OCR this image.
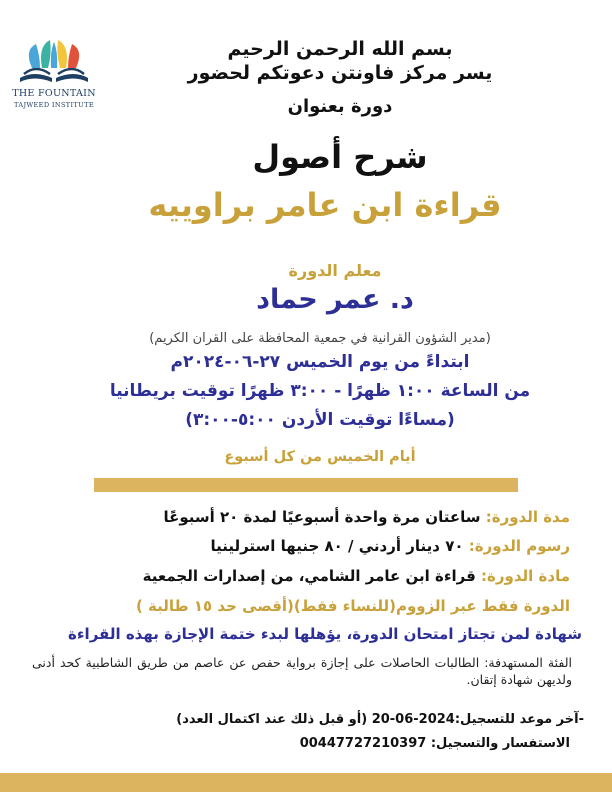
THE FOUNTAIN
TAJWEED INSTITUTE
بسم الله الرحمن الرحيم
يسر مركز فاونتن دعوتكم لحضور
دورة بعنوان
شرح أصول
قراءة ابن عامر براوييه
معلم الدورة
د. عمر حماد
(مدير الشؤون القرانية في جمعية المحافظة على القران الكريم)
ابتداءً من يوم الخميس ٢٧-٠٦-٢٠٢٤م
من الساعة ١:٠٠ ظهرًا - ٣:٠٠ ظهرًا توقيت بريطانيا
(مساءًا توقيت الأردن ٥:٠٠-٣:٠٠)
أيام الخميس من كل أسبوع
مدة الدورة: ساعتان مرة واحدة أسبوعيًا لمدة ٢٠ أسبوعًا
رسوم الدورة: ٧٠ دينار أردني / ٨٠ جنيها استرلينيا
مادة الدورة: قراءة ابن عامر الشامي، من إصدارات الجمعية
الدورة فقط عبر الزووم(للنساء فقط)(أقصى حد ١٥ طالبة )
شهادة لمن تجتاز امتحان الدورة، يؤهلها لبدء ختمة الإجازة بهذه القراءة
الفئة المستهدفة: الطالبات الحاصلات على إجازة برواية حفص عن عاصم من طريق الشاطبية كحد أدنى ولديهن شهادة إتقان.
-آخر موعد للتسجيل:20-06-2024 (أو قبل ذلك عند اكتمال العدد)
الاستفسار والتسجيل: 00447727210397
